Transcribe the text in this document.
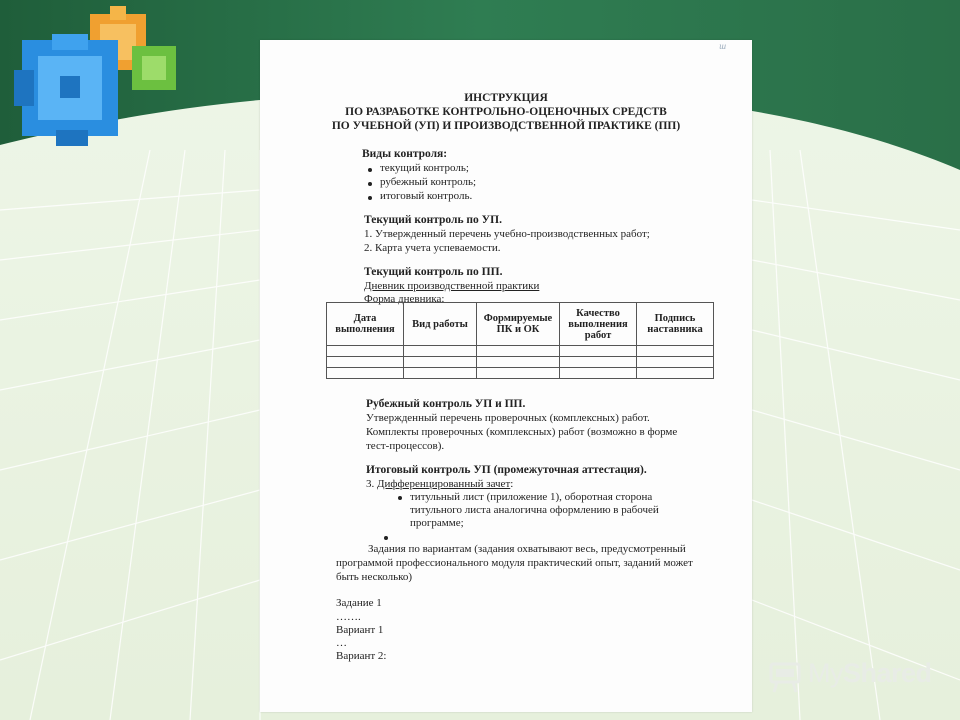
ш
ИНСТРУКЦИЯ
ПО РАЗРАБОТКЕ КОНТРОЛЬНО-ОЦЕНОЧНЫХ СРЕДСТВ
ПО УЧЕБНОЙ (УП) И ПРОИЗВОДСТВЕННОЙ ПРАКТИКЕ (ПП)
Виды контроля:
текущий контроль;
рубежный контроль;
итоговый контроль.
Текущий контроль по УП.
1. Утвержденный перечень учебно-производственных работ;
2. Карта учета успеваемости.
Текущий контроль по ПП.
Дневник производственной практики
Форма дневника:
Дата выполнения	Вид работы	Формируемые ПК и ОК	Качество выполнения работ	Подпись наставника

Рубежный контроль УП и ПП.
Утвержденный перечень проверочных (комплексных) работ.
Комплекты проверочных (комплексных) работ (возможно в форме
тест-процессов).
Итоговый контроль УП (промежуточная аттестация).
3. Дифференцированный зачет:
титульный лист (приложение 1), оборотная сторона
титульного листа аналогична оформлению в рабочей
программе;
Задания по вариантам (задания охватывают весь, предусмотренный
программой профессионального модуля практический опыт, заданий может
быть несколько)
Задание 1
…….
Вариант 1
…
Вариант 2:
MyShared
